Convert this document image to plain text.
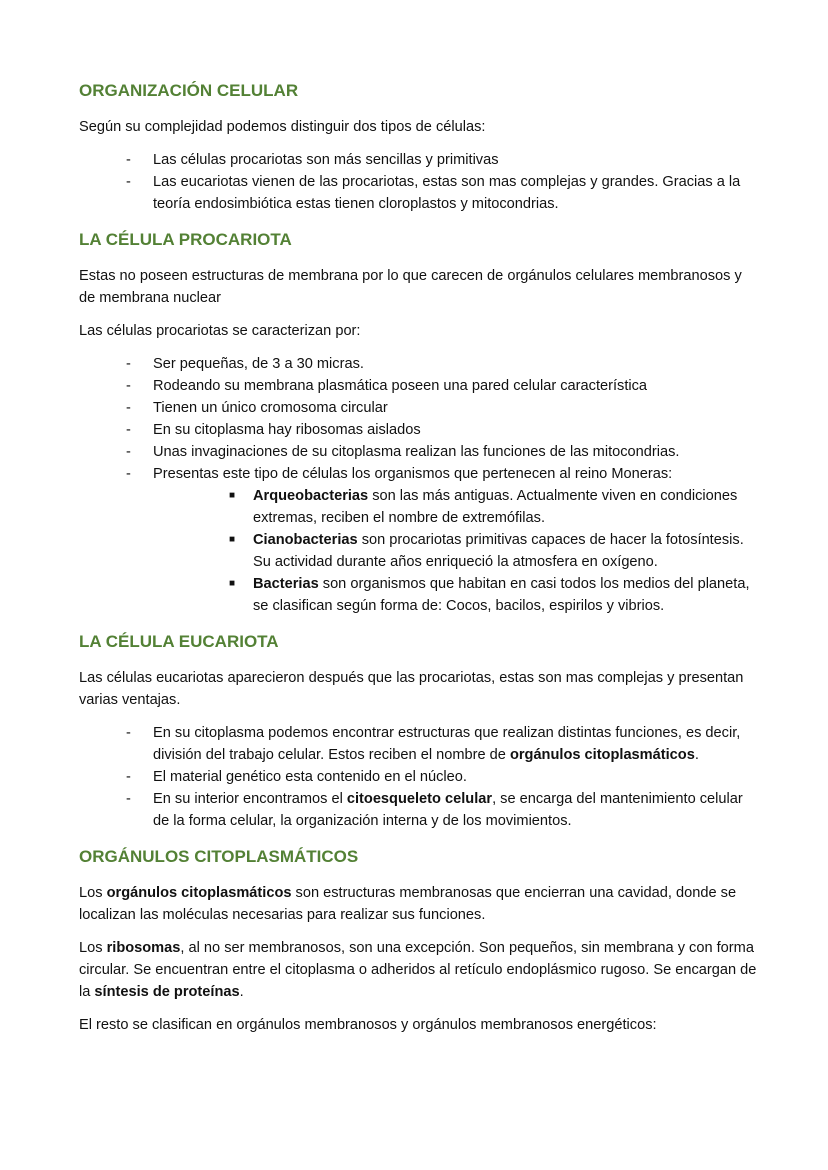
ORGANIZACIÓN CELULAR

Según su complejidad podemos distinguir dos tipos de células:

- Las células procariotas son más sencillas y primitivas
- Las eucariotas vienen de las procariotas, estas son mas complejas y grandes. Gracias a la teoría endosimbiótica estas tienen cloroplastos y mitocondrias.
LA CÉLULA PROCARIOTA

Estas no poseen estructuras de membrana por lo que carecen de orgánulos celulares membranosos y de membrana nuclear

Las células procariotas se caracterizan por:

- Ser pequeñas, de 3 a 30 micras.
- Rodeando su membrana plasmática poseen una pared celular característica
- Tienen un único cromosoma circular
- En su citoplasma hay ribosomas aislados
- Unas invaginaciones de su citoplasma realizan las funciones de las mitocondrias.
- Presentas este tipo de células los organismos que pertenecen al reino Moneras:
■ Arqueobacterias son las más antiguas. Actualmente viven en condiciones extremas, reciben el nombre de extremófilas.
■ Cianobacterias son procariotas primitivas capaces de hacer la fotosíntesis. Su actividad durante años enriqueció la atmosfera en oxígeno.
■ Bacterias son organismos que habitan en casi todos los medios del planeta, se clasifican según forma de: Cocos, bacilos, espirilos y vibrios.
LA CÉLULA EUCARIOTA

Las células eucariotas aparecieron después que las procariotas, estas son mas complejas y presentan varias ventajas.

- En su citoplasma podemos encontrar estructuras que realizan distintas funciones, es decir, división del trabajo celular. Estos reciben el nombre de orgánulos citoplasmáticos.
- El material genético esta contenido en el núcleo.
- En su interior encontramos el citoesqueleto celular, se encarga del mantenimiento celular de la forma celular, la organización interna y de los movimientos.
ORGÁNULOS CITOPLASMÁTICOS

Los orgánulos citoplasmáticos son estructuras membranosas que encierran una cavidad, donde se localizan las moléculas necesarias para realizar sus funciones.

Los ribosomas, al no ser membranosos, son una excepción. Son pequeños, sin membrana y con forma circular. Se encuentran entre el citoplasma o adheridos al retículo endoplásmico rugoso. Se encargan de la síntesis de proteínas.

El resto se clasifican en orgánulos membranosos y orgánulos membranosos energéticos:
